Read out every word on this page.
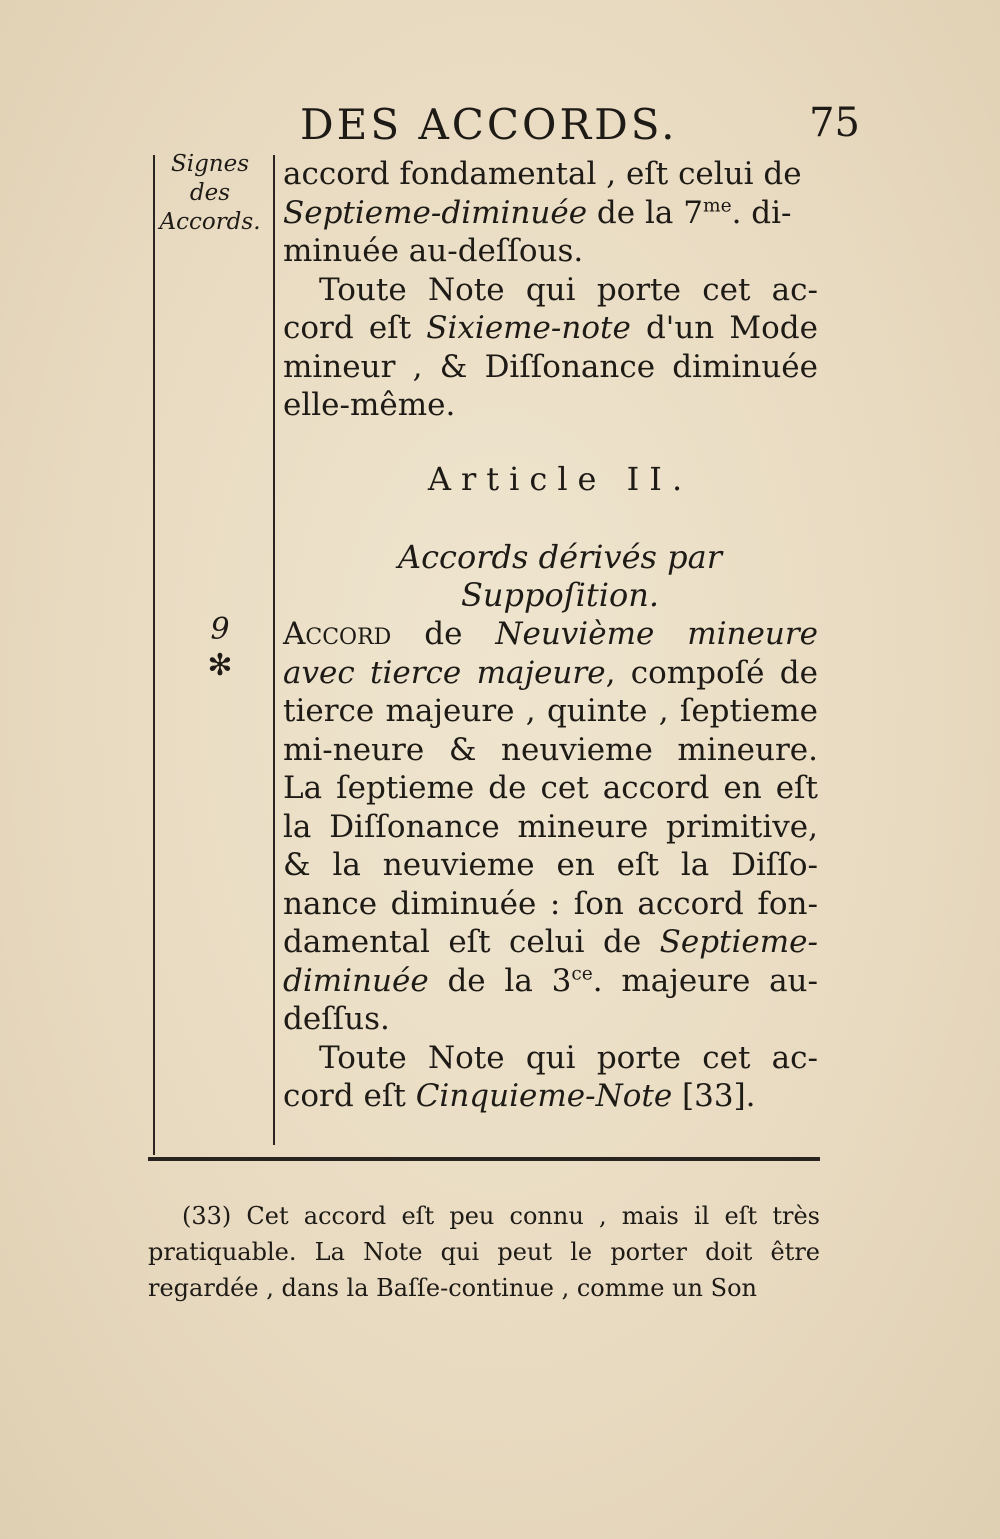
DES ACCORDS.	75
Signes
des
Accords.

accord fondamental , eſt celui de

Septieme-diminuée de la $7^{me}$. di-

minuée au-deſſous.

Toute Note qui porte cet ac-cord eſt Sixieme-note d'un Mode mineur , & Diſſonance diminuée elle-même.

Article II.
Accords dérivés par Suppoſition.
9
✻

Accord de Neuvième mineure avec tierce majeure, compoſé de tierce majeure , quinte , ſeptieme mi-neure & neuvieme mineure. La ſeptieme de cet accord en eſt la Diſſonance mineure primitive, & la neuvieme en eſt la Diſſo-nance diminuée : ſon accord fon-damental eſt celui de Septieme-diminuée de la $3^{ce}$. majeure au-deſſus.

Toute Note qui porte cet ac-cord eſt Cinquieme-Note [33].

(33) Cet accord eſt peu connu , mais il eſt très pratiquable. La Note qui peut le porter doit être regardée , dans la Baſſe-continue , comme un Son
